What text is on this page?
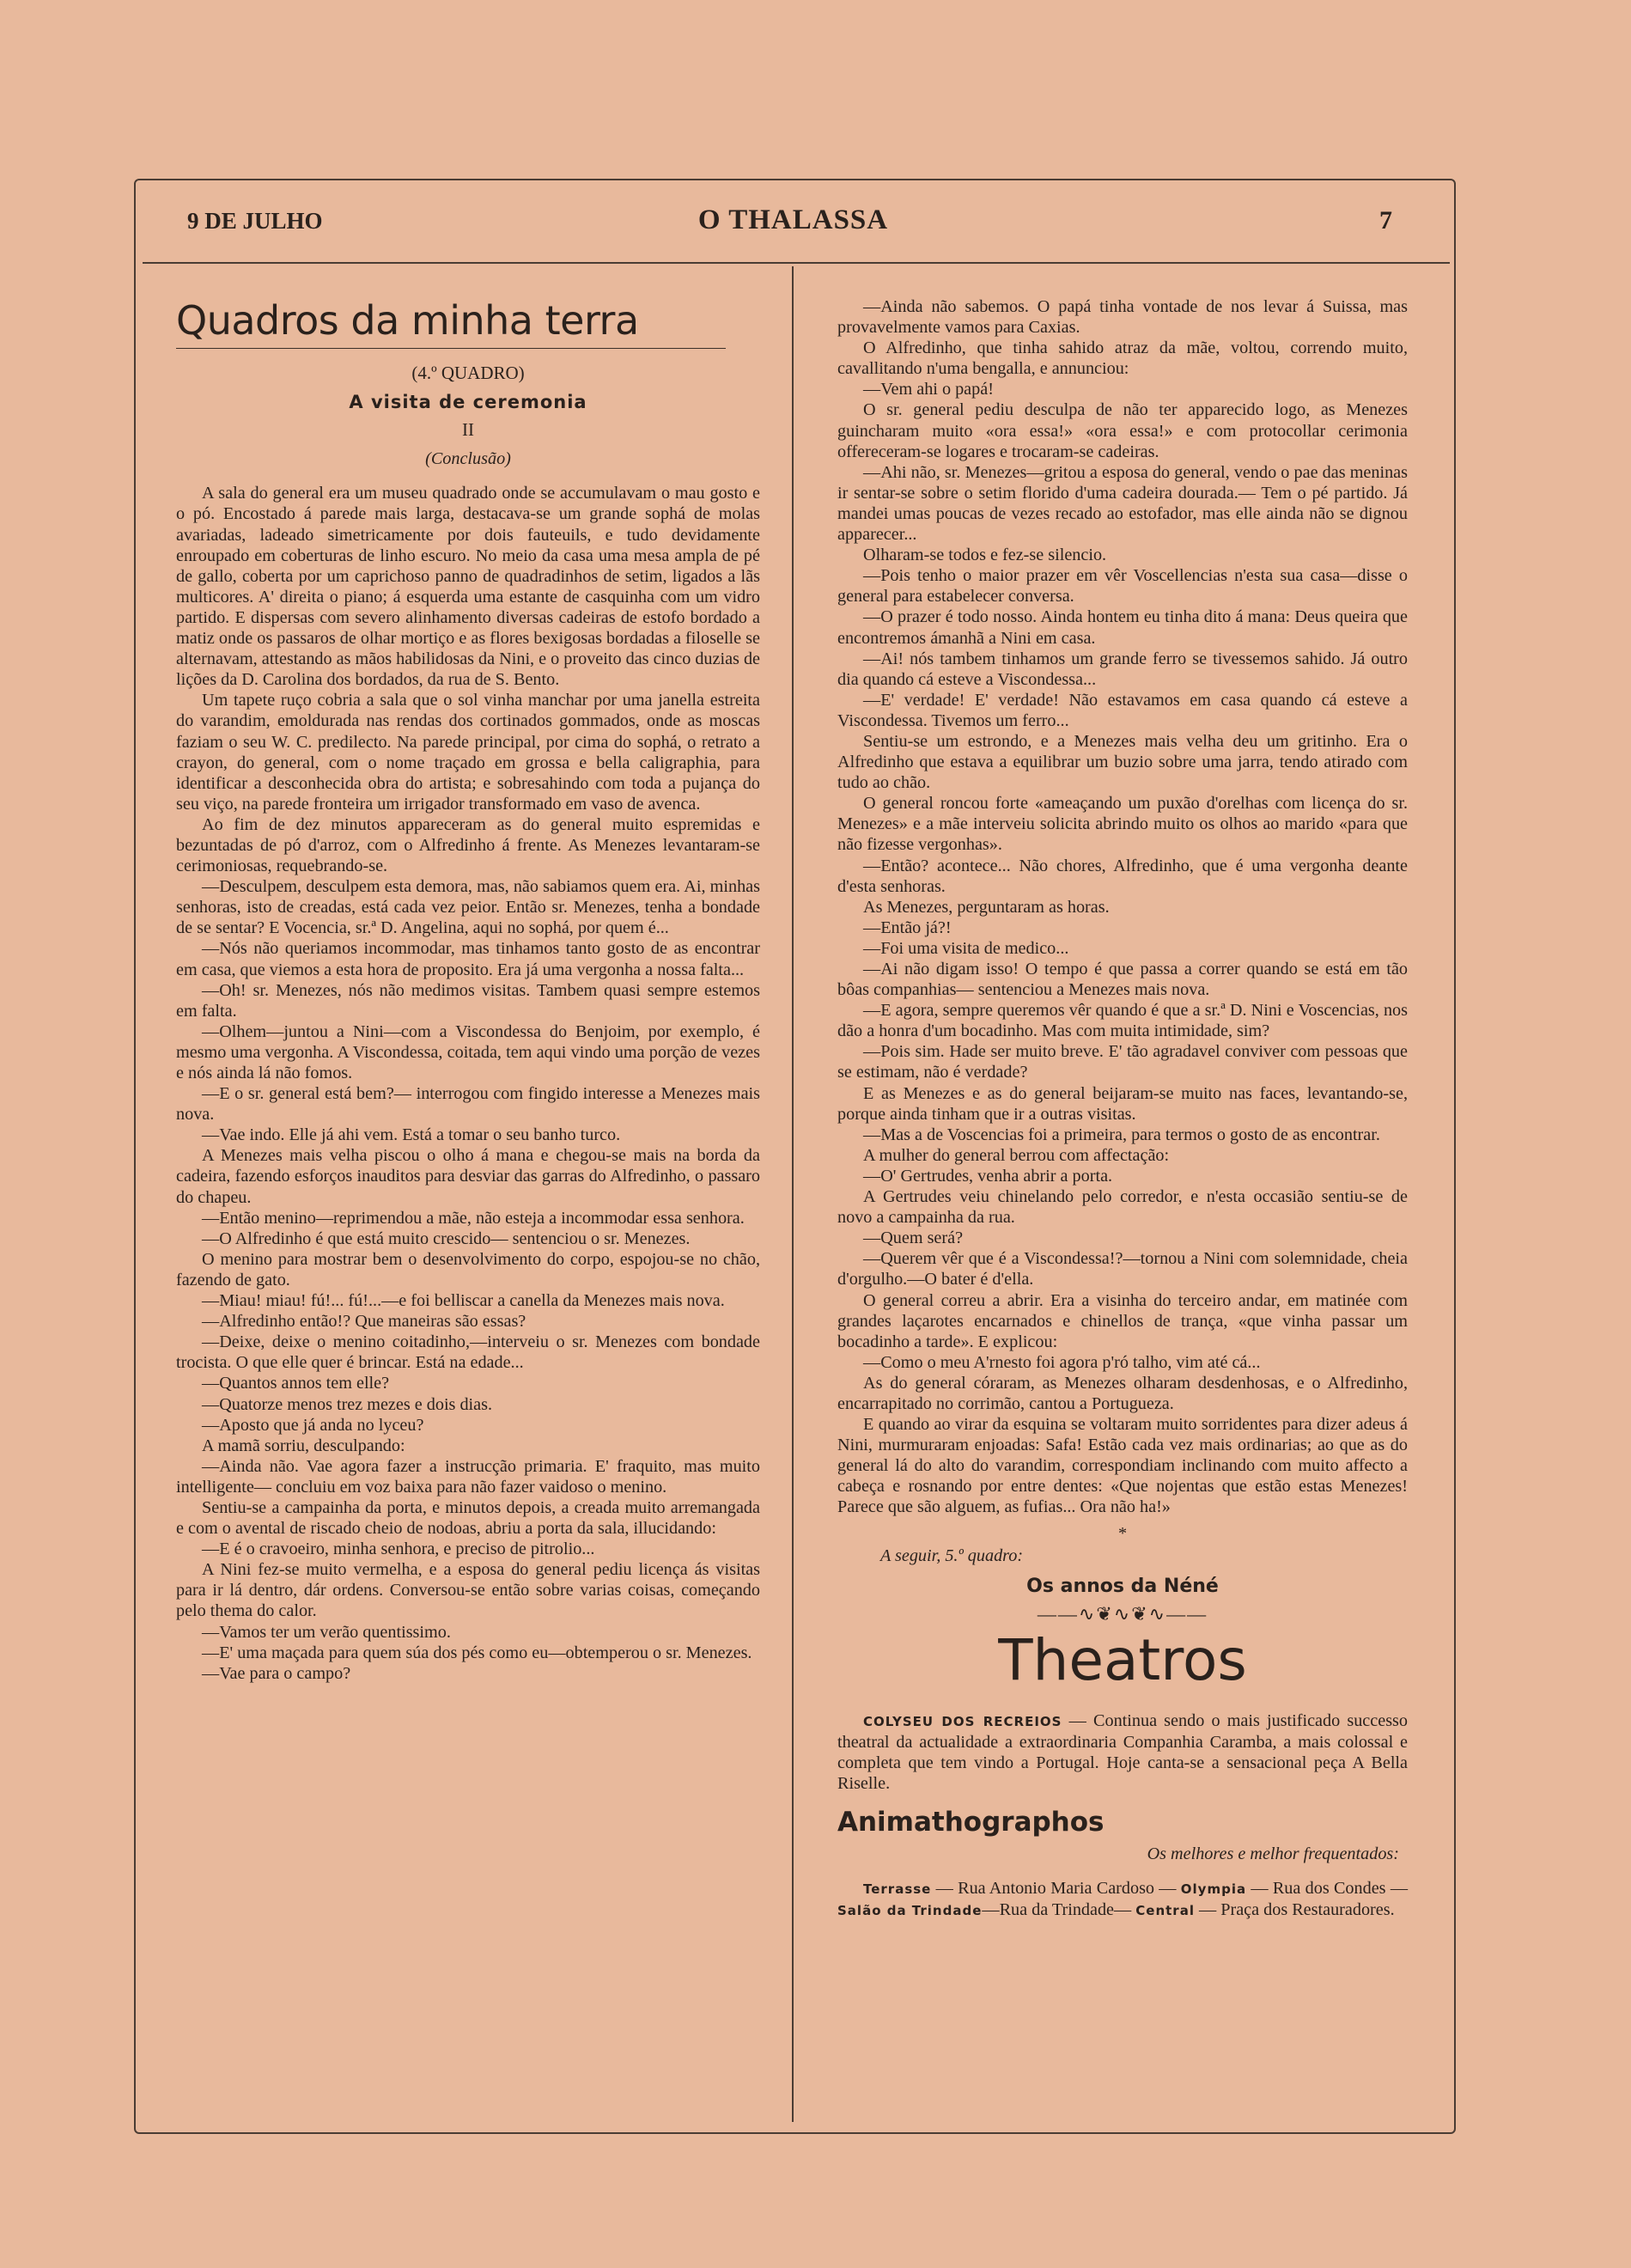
9 DE JULHO	O THALASSA	7
Quadros da minha terra
(4.º QUADRO)
A visita de ceremonia
II
(Conclusão)

A sala do general era um museu quadrado onde se accumulavam o mau gosto e o pó. Encostado á parede mais larga, destacava-se um grande sophá de molas avariadas, ladeado simetricamente por dois fauteuils, e tudo devidamente enroupado em coberturas de linho escuro. No meio da casa uma mesa ampla de pé de gallo, coberta por um caprichoso panno de quadradinhos de setim, ligados a lãs multicores. A' direita o piano; á esquerda uma estante de casquinha com um vidro partido. E dispersas com severo alinhamento diversas cadeiras de estofo bordado a matiz onde os passaros de olhar mortiço e as flores bexigosas bordadas a filoselle se alternavam, attestando as mãos habilidosas da Nini, e o proveito das cinco duzias de lições da D. Carolina dos bordados, da rua de S. Bento.

Um tapete ruço cobria a sala que o sol vinha manchar por uma janella estreita do varandim, emoldurada nas rendas dos cortinados gommados, onde as moscas faziam o seu W. C. predilecto. Na parede principal, por cima do sophá, o retrato a crayon, do general, com o nome traçado em grossa e bella caligraphia, para identificar a desconhecida obra do artista; e sobresahindo com toda a pujança do seu viço, na parede fronteira um irrigador transformado em vaso de avenca.

Ao fim de dez minutos appareceram as do general muito espremidas e bezuntadas de pó d'arroz, com o Alfredinho á frente. As Menezes levantaram-se cerimoniosas, requebrando-se.

—Desculpem, desculpem esta demora, mas, não sabiamos quem era. Ai, minhas senhoras, isto de creadas, está cada vez peior. Então sr. Menezes, tenha a bondade de se sentar? E Vocencia, sr.ª D. Angelina, aqui no sophá, por quem é...

—Nós não queriamos incommodar, mas tinhamos tanto gosto de as encontrar em casa, que viemos a esta hora de proposito. Era já uma vergonha a nossa falta...

—Oh! sr. Menezes, nós não medimos visitas. Tambem quasi sempre estemos em falta.

—Olhem—juntou a Nini—com a Viscondessa do Benjoim, por exemplo, é mesmo uma vergonha. A Viscondessa, coitada, tem aqui vindo uma porção de vezes e nós ainda lá não fomos.

—E o sr. general está bem?— interrogou com fingido interesse a Menezes mais nova.

—Vae indo. Elle já ahi vem. Está a tomar o seu banho turco.

A Menezes mais velha piscou o olho á mana e chegou-se mais na borda da cadeira, fazendo esforços inauditos para desviar das garras do Alfredinho, o passaro do chapeu.

—Então menino—reprimendou a mãe, não esteja a incommodar essa senhora.

—O Alfredinho é que está muito crescido— sentenciou o sr. Menezes.

O menino para mostrar bem o desenvolvimento do corpo, espojou-se no chão, fazendo de gato.

—Miau! miau! fú!... fú!...—e foi belliscar a canella da Menezes mais nova.

—Alfredinho então!? Que maneiras são essas?

—Deixe, deixe o menino coitadinho,—interveiu o sr. Menezes com bondade trocista. O que elle quer é brincar. Está na edade...

—Quantos annos tem elle?

—Quatorze menos trez mezes e dois dias.

—Aposto que já anda no lyceu?

A mamã sorriu, desculpando:

—Ainda não. Vae agora fazer a instrucção primaria. E' fraquito, mas muito intelligente— concluiu em voz baixa para não fazer vaidoso o menino.

Sentiu-se a campainha da porta, e minutos depois, a creada muito arremangada e com o avental de riscado cheio de nodoas, abriu a porta da sala, illucidando:

—E é o cravoeiro, minha senhora, e preciso de pitrolio...

A Nini fez-se muito vermelha, e a esposa do general pediu licença ás visitas para ir lá dentro, dár ordens. Conversou-se então sobre varias coisas, começando pelo thema do calor.

—Vamos ter um verão quentissimo.

—E' uma maçada para quem súa dos pés como eu—obtemperou o sr. Menezes.

—Vae para o campo?

—Ainda não sabemos. O papá tinha vontade de nos levar á Suissa, mas provavelmente vamos para Caxias.

O Alfredinho, que tinha sahido atraz da mãe, voltou, correndo muito, cavallitando n'uma bengalla, e annunciou:

—Vem ahi o papá!

O sr. general pediu desculpa de não ter apparecido logo, as Menezes guincharam muito «ora essa!» «ora essa!» e com protocollar cerimonia offereceram-se logares e trocaram-se cadeiras.

—Ahi não, sr. Menezes—gritou a esposa do general, vendo o pae das meninas ir sentar-se sobre o setim florido d'uma cadeira dourada.— Tem o pé partido. Já mandei umas poucas de vezes recado ao estofador, mas elle ainda não se dignou apparecer...

Olharam-se todos e fez-se silencio.

—Pois tenho o maior prazer em vêr Voscellencias n'esta sua casa—disse o general para estabelecer conversa.

—O prazer é todo nosso. Ainda hontem eu tinha dito á mana: Deus queira que encontremos ámanhã a Nini em casa.

—Ai! nós tambem tinhamos um grande ferro se tivessemos sahido. Já outro dia quando cá esteve a Viscondessa...

—E' verdade! E' verdade! Não estavamos em casa quando cá esteve a Viscondessa. Tivemos um ferro...

Sentiu-se um estrondo, e a Menezes mais velha deu um gritinho. Era o Alfredinho que estava a equilibrar um buzio sobre uma jarra, tendo atirado com tudo ao chão.

O general roncou forte «ameaçando um puxão d'orelhas com licença do sr. Menezes» e a mãe interveiu solicita abrindo muito os olhos ao marido «para que não fizesse vergonhas».

—Então? acontece... Não chores, Alfredinho, que é uma vergonha deante d'esta senhoras.

As Menezes, perguntaram as horas.

—Então já?!

—Foi uma visita de medico...

—Ai não digam isso! O tempo é que passa a correr quando se está em tão bôas companhias— sentenciou a Menezes mais nova.

—E agora, sempre queremos vêr quando é que a sr.ª D. Nini e Voscencias, nos dão a honra d'um bocadinho. Mas com muita intimidade, sim?

—Pois sim. Hade ser muito breve. E' tão agradavel conviver com pessoas que se estimam, não é verdade?

E as Menezes e as do general beijaram-se muito nas faces, levantando-se, porque ainda tinham que ir a outras visitas.

—Mas a de Voscencias foi a primeira, para termos o gosto de as encontrar.

A mulher do general berrou com affectação:

—O' Gertrudes, venha abrir a porta.

A Gertrudes veiu chinelando pelo corredor, e n'esta occasião sentiu-se de novo a campainha da rua.

—Quem será?

—Querem vêr que é a Viscondessa!?—tornou a Nini com solemnidade, cheia d'orgulho.—O bater é d'ella.

O general correu a abrir. Era a visinha do terceiro andar, em matinée com grandes laçarotes encarnados e chinellos de trança, «que vinha passar um bocadinho a tarde». E explicou:

—Como o meu A'rnesto foi agora p'ró talho, vim até cá...

As do general córaram, as Menezes olharam desdenhosas, e o Alfredinho, encarrapitado no corrimão, cantou a Portugueza.

E quando ao virar da esquina se voltaram muito sorridentes para dizer adeus á Nini, murmuraram enjoadas: Safa! Estão cada vez mais ordinarias; ao que as do general lá do alto do varandim, correspondiam inclinando com muito affecto a cabeça e rosnando por entre dentes: «Que nojentas que estão estas Menezes! Parece que são alguem, as fufias... Ora não ha!»

*
A seguir, 5.º quadro:
Os annos da Néné
——∿❦∿❦∿——
Theatros

COLYSEU DOS RECREIOS — Continua sendo o mais justificado successo theatral da actualidade a extraordinaria Companhia Caramba, a mais colossal e completa que tem vindo a Portugal. Hoje canta-se a sensacional peça A Bella Riselle.

Animathographos
Os melhores e melhor frequentados:

Terrasse — Rua Antonio Maria Cardoso — Olympia — Rua dos Condes — Salão da Trindade—Rua da Trindade— Central — Praça dos Restauradores.
